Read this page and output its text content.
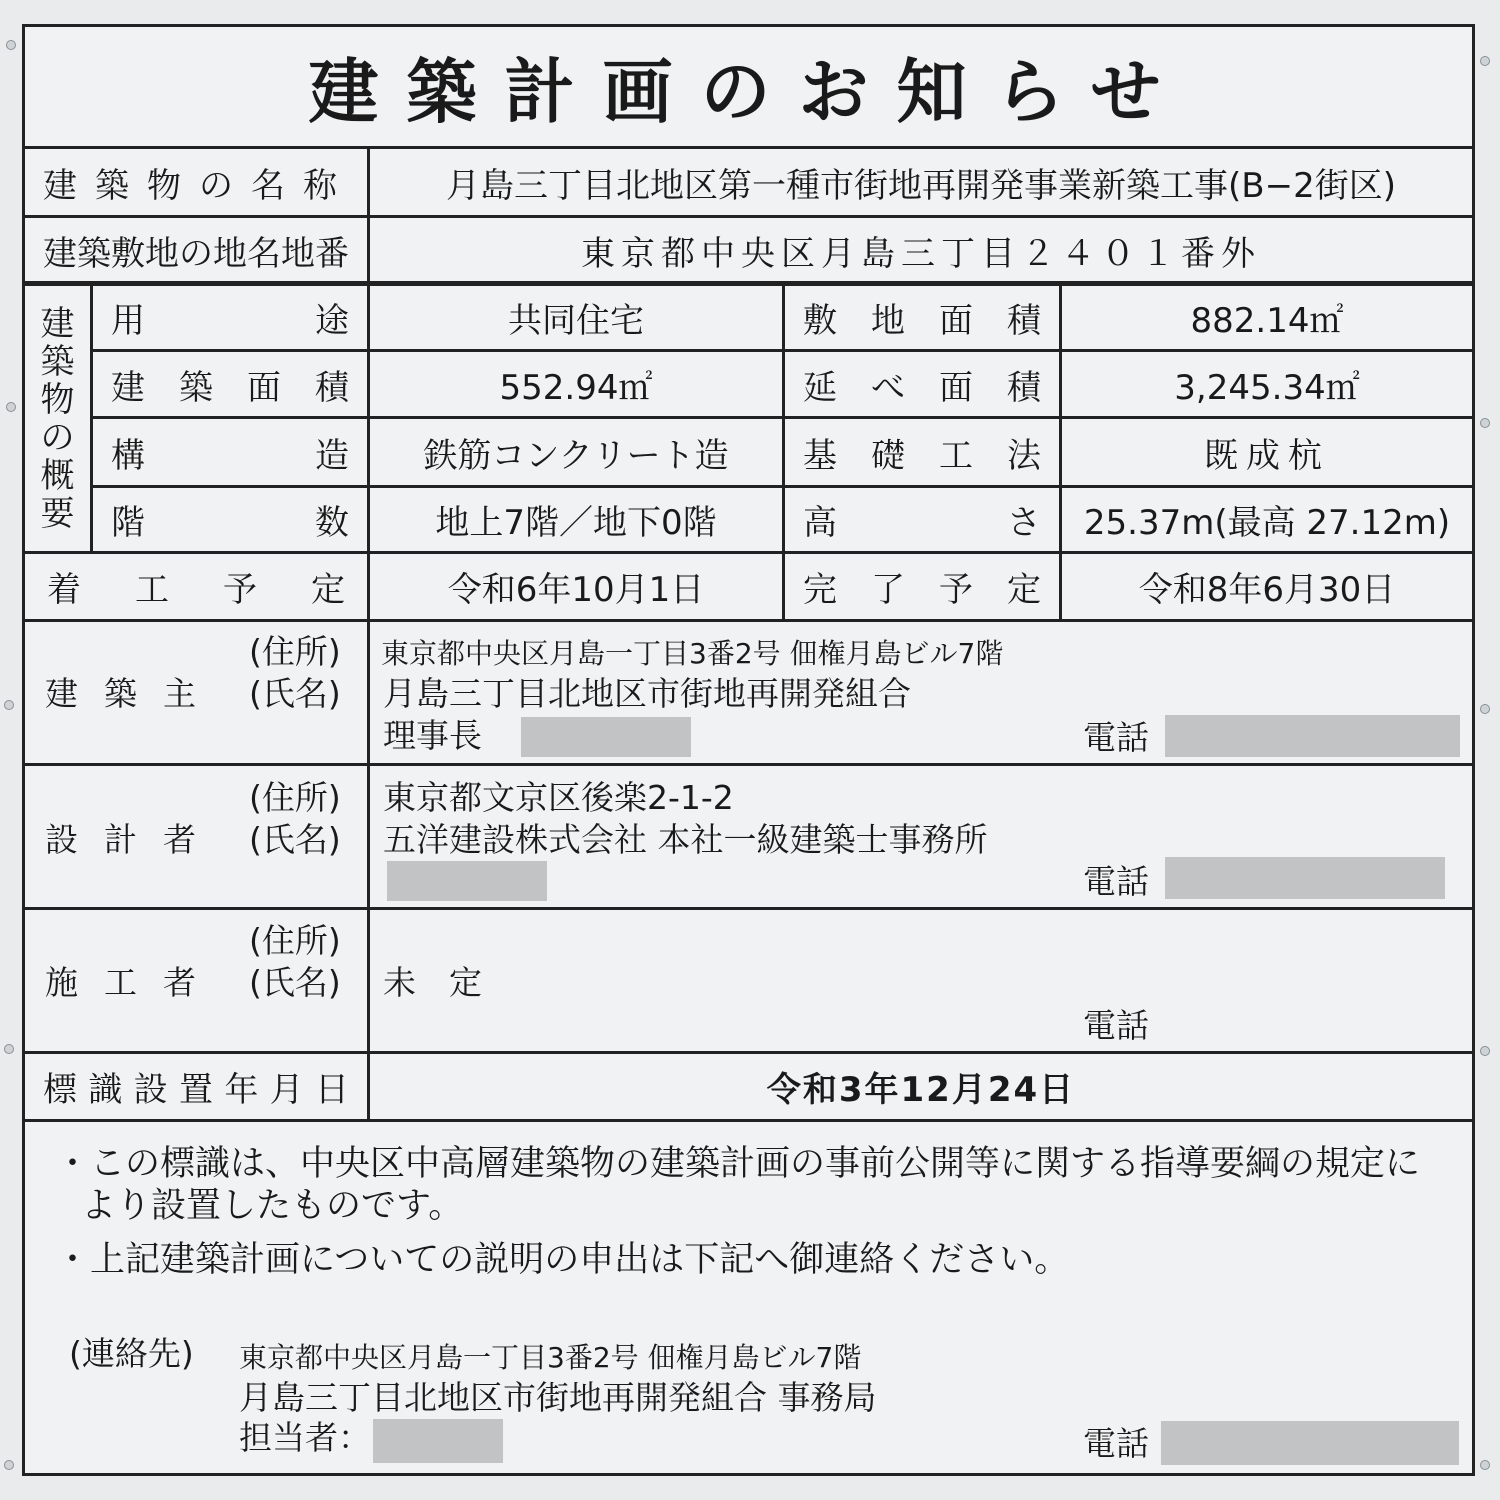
建築計画のお知らせ
建築物の名称	月島三丁目北地区第一種市街地再開発事業新築工事(B−2街区)
建築敷地の地名地番	東京都中央区月島三丁目２４０１番外
建
築
物
の
概
要
用途	共同住宅	敷地面積	882.14㎡
建築面積	552.94㎡	延べ面積	3,245.34㎡
構造	鉄筋コンクリート造	基礎工法	既成杭
階数	地上7階／地下0階	高さ	25.37m(最高 27.12m)
着工予定	令和6年10月1日	完了予定	令和8年6月30日
(住所)
建築主 (氏名)
東京都中央区月島一丁目3番2号 佃権月島ビル7階
月島三丁目北地区市街地再開発組合
理事長	電話
(住所)
設計者 (氏名)
東京都文京区後楽2-1-2
五洋建設株式会社 本社一級建築士事務所
電話
(住所)
施工者 (氏名) 未　定
電話
標識設置年月日	令和3年12月24日
・この標識は、中央区中高層建築物の建築計画の事前公開等に関する指導要綱の規定に
より設置したものです。
・上記建築計画についての説明の申出は下記へ御連絡ください。
(連絡先) 東京都中央区月島一丁目3番2号 佃権月島ビル7階
月島三丁目北地区市街地再開発組合 事務局
担当者：	電話
